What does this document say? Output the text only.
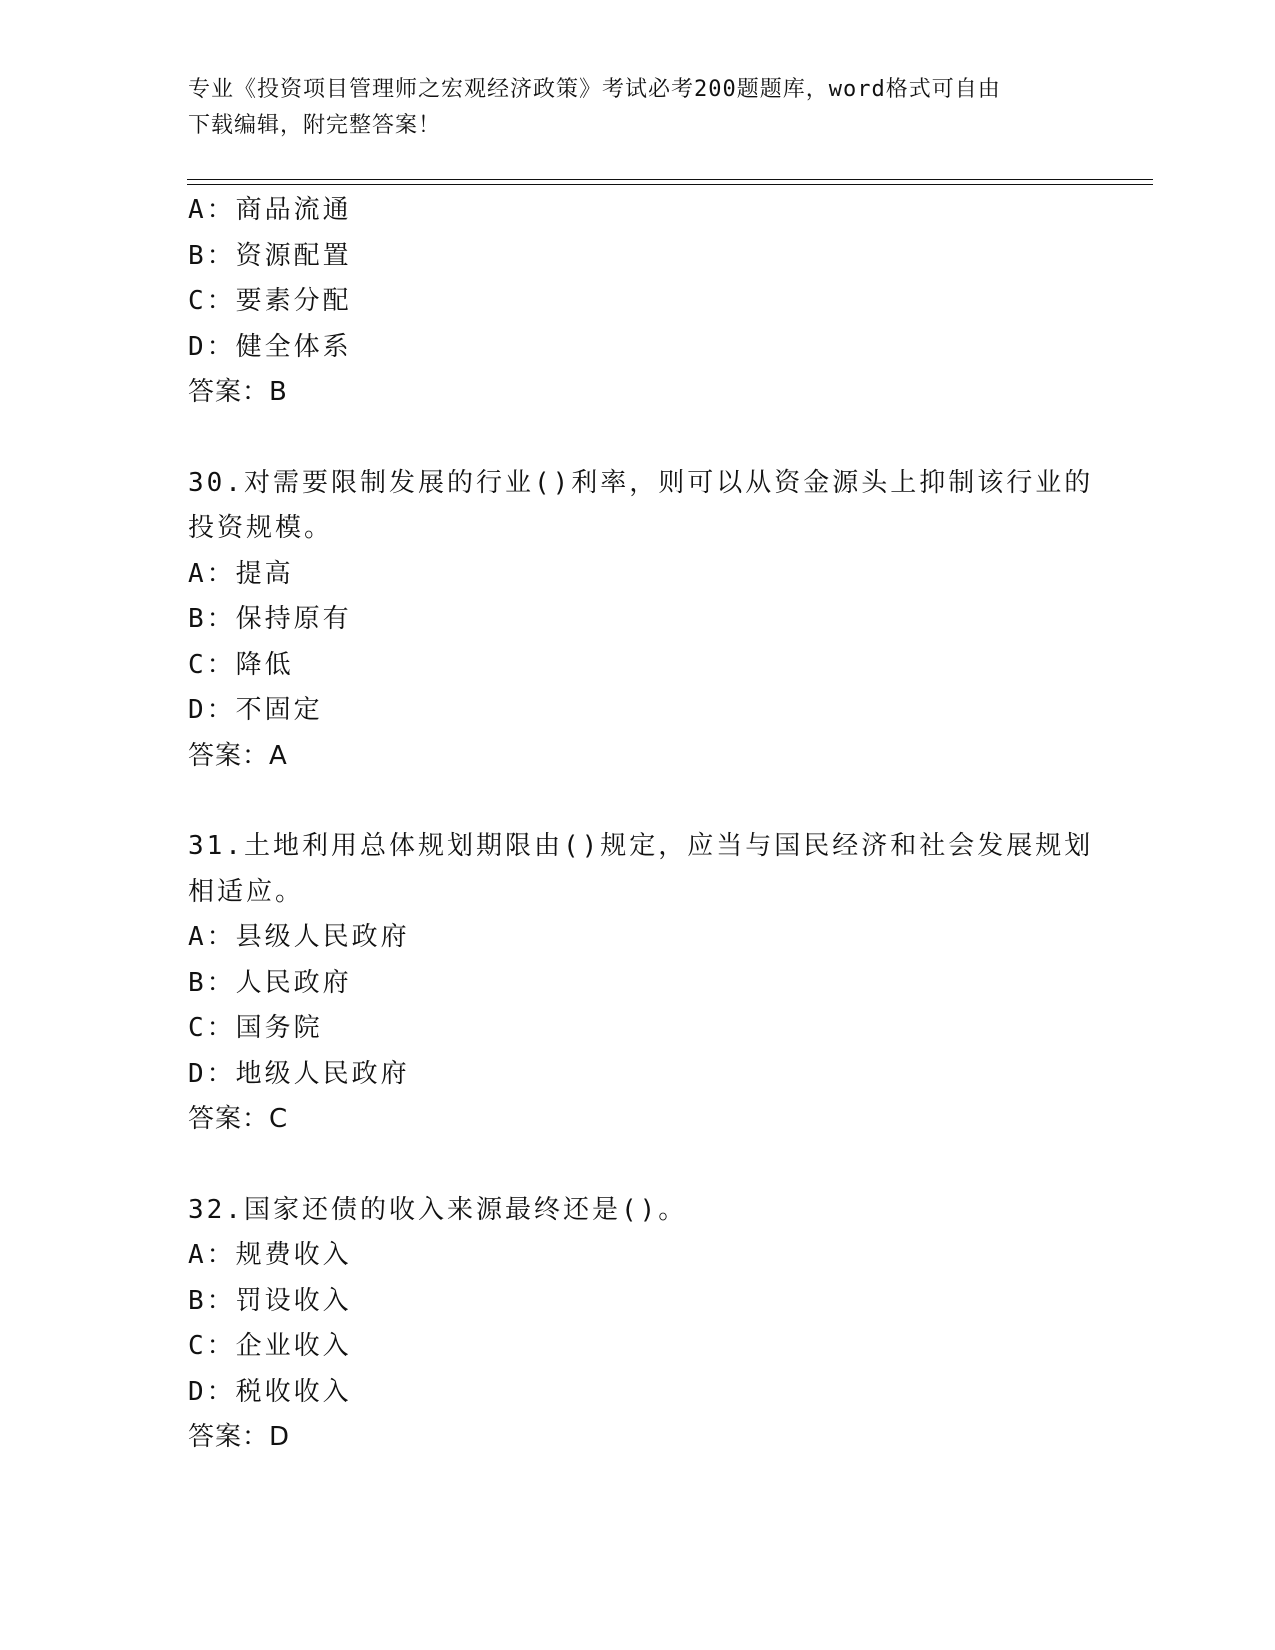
专业《投资项目管理师之宏观经济政策》考试必考200题题库，word格式可自由
下载编辑，附完整答案！
A：商品流通
B：资源配置
C：要素分配
D：健全体系
答案：B
30.对需要限制发展的行业()利率，则可以从资金源头上抑制该行业的
投资规模。
A：提高
B：保持原有
C：降低
D：不固定
答案：A
31.土地利用总体规划期限由()规定，应当与国民经济和社会发展规划
相适应。
A：县级人民政府
B：人民政府
C：国务院
D：地级人民政府
答案：C
32.国家还债的收入来源最终还是()。
A：规费收入
B：罚设收入
C：企业收入
D：税收收入
答案：D
